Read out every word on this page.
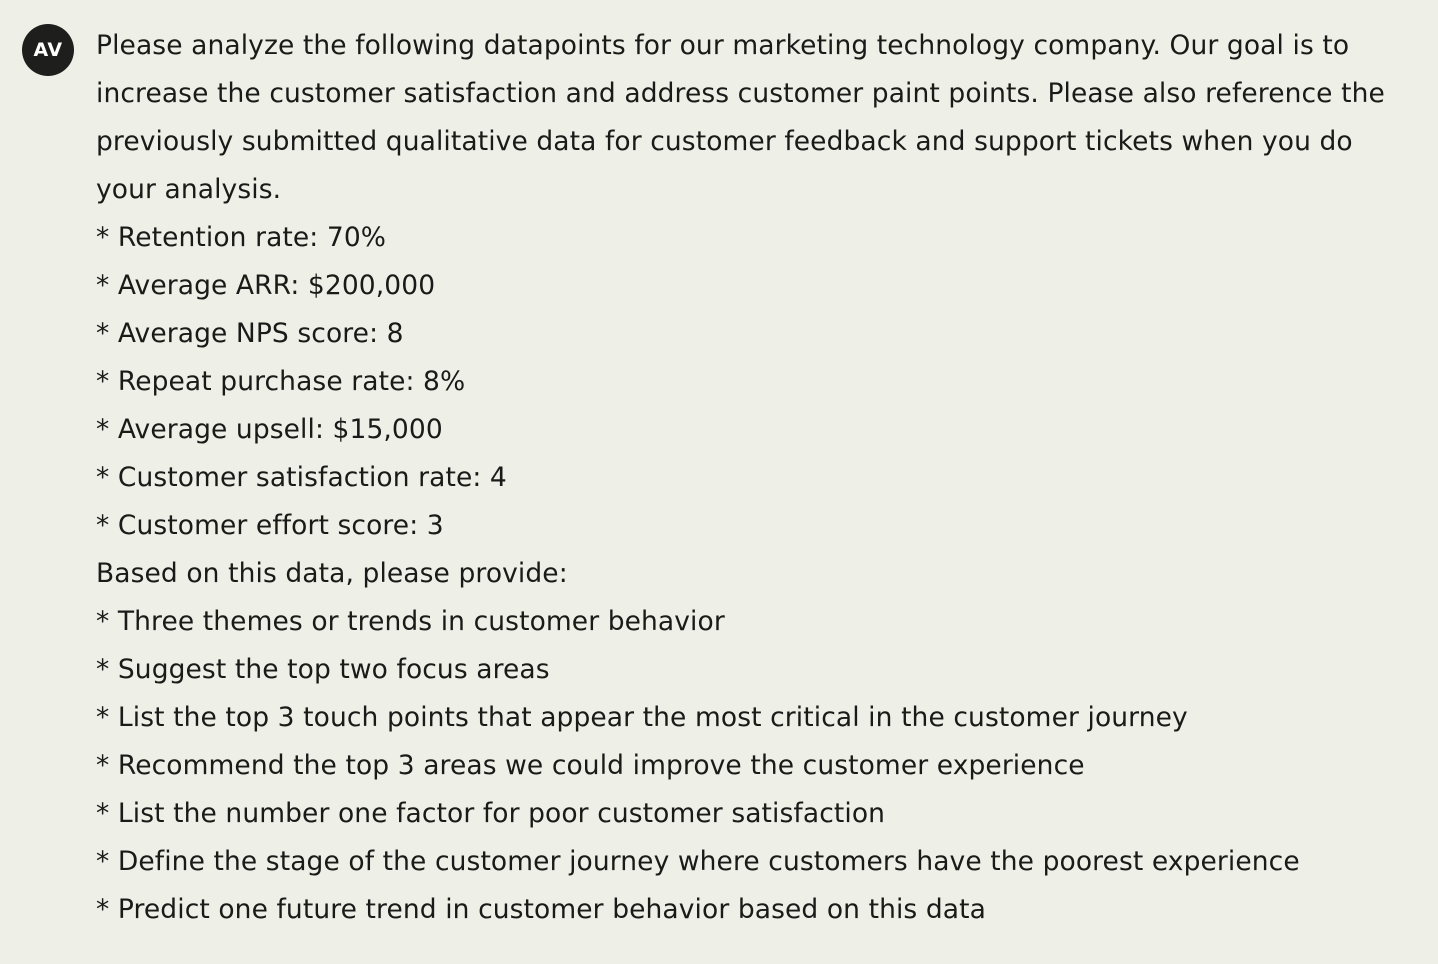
AV	Please analyze the following datapoints for our marketing technology company. Our goal is to increase the customer satisfaction and address customer paint points. Please also reference the previously submitted qualitative data for customer feedback and support tickets when you do your analysis.

* Retention rate: 70%
* Average ARR: $200,000
* Average NPS score: 8
* Repeat purchase rate: 8%
* Average upsell: $15,000
* Customer satisfaction rate: 4
* Customer effort score: 3
Based on this data, please provide:
* Three themes or trends in customer behavior
* Suggest the top two focus areas
* List the top 3 touch points that appear the most critical in the customer journey
* Recommend the top 3 areas we could improve the customer experience
* List the number one factor for poor customer satisfaction
* Define the stage of the customer journey where customers have the poorest experience
* Predict one future trend in customer behavior based on this data
